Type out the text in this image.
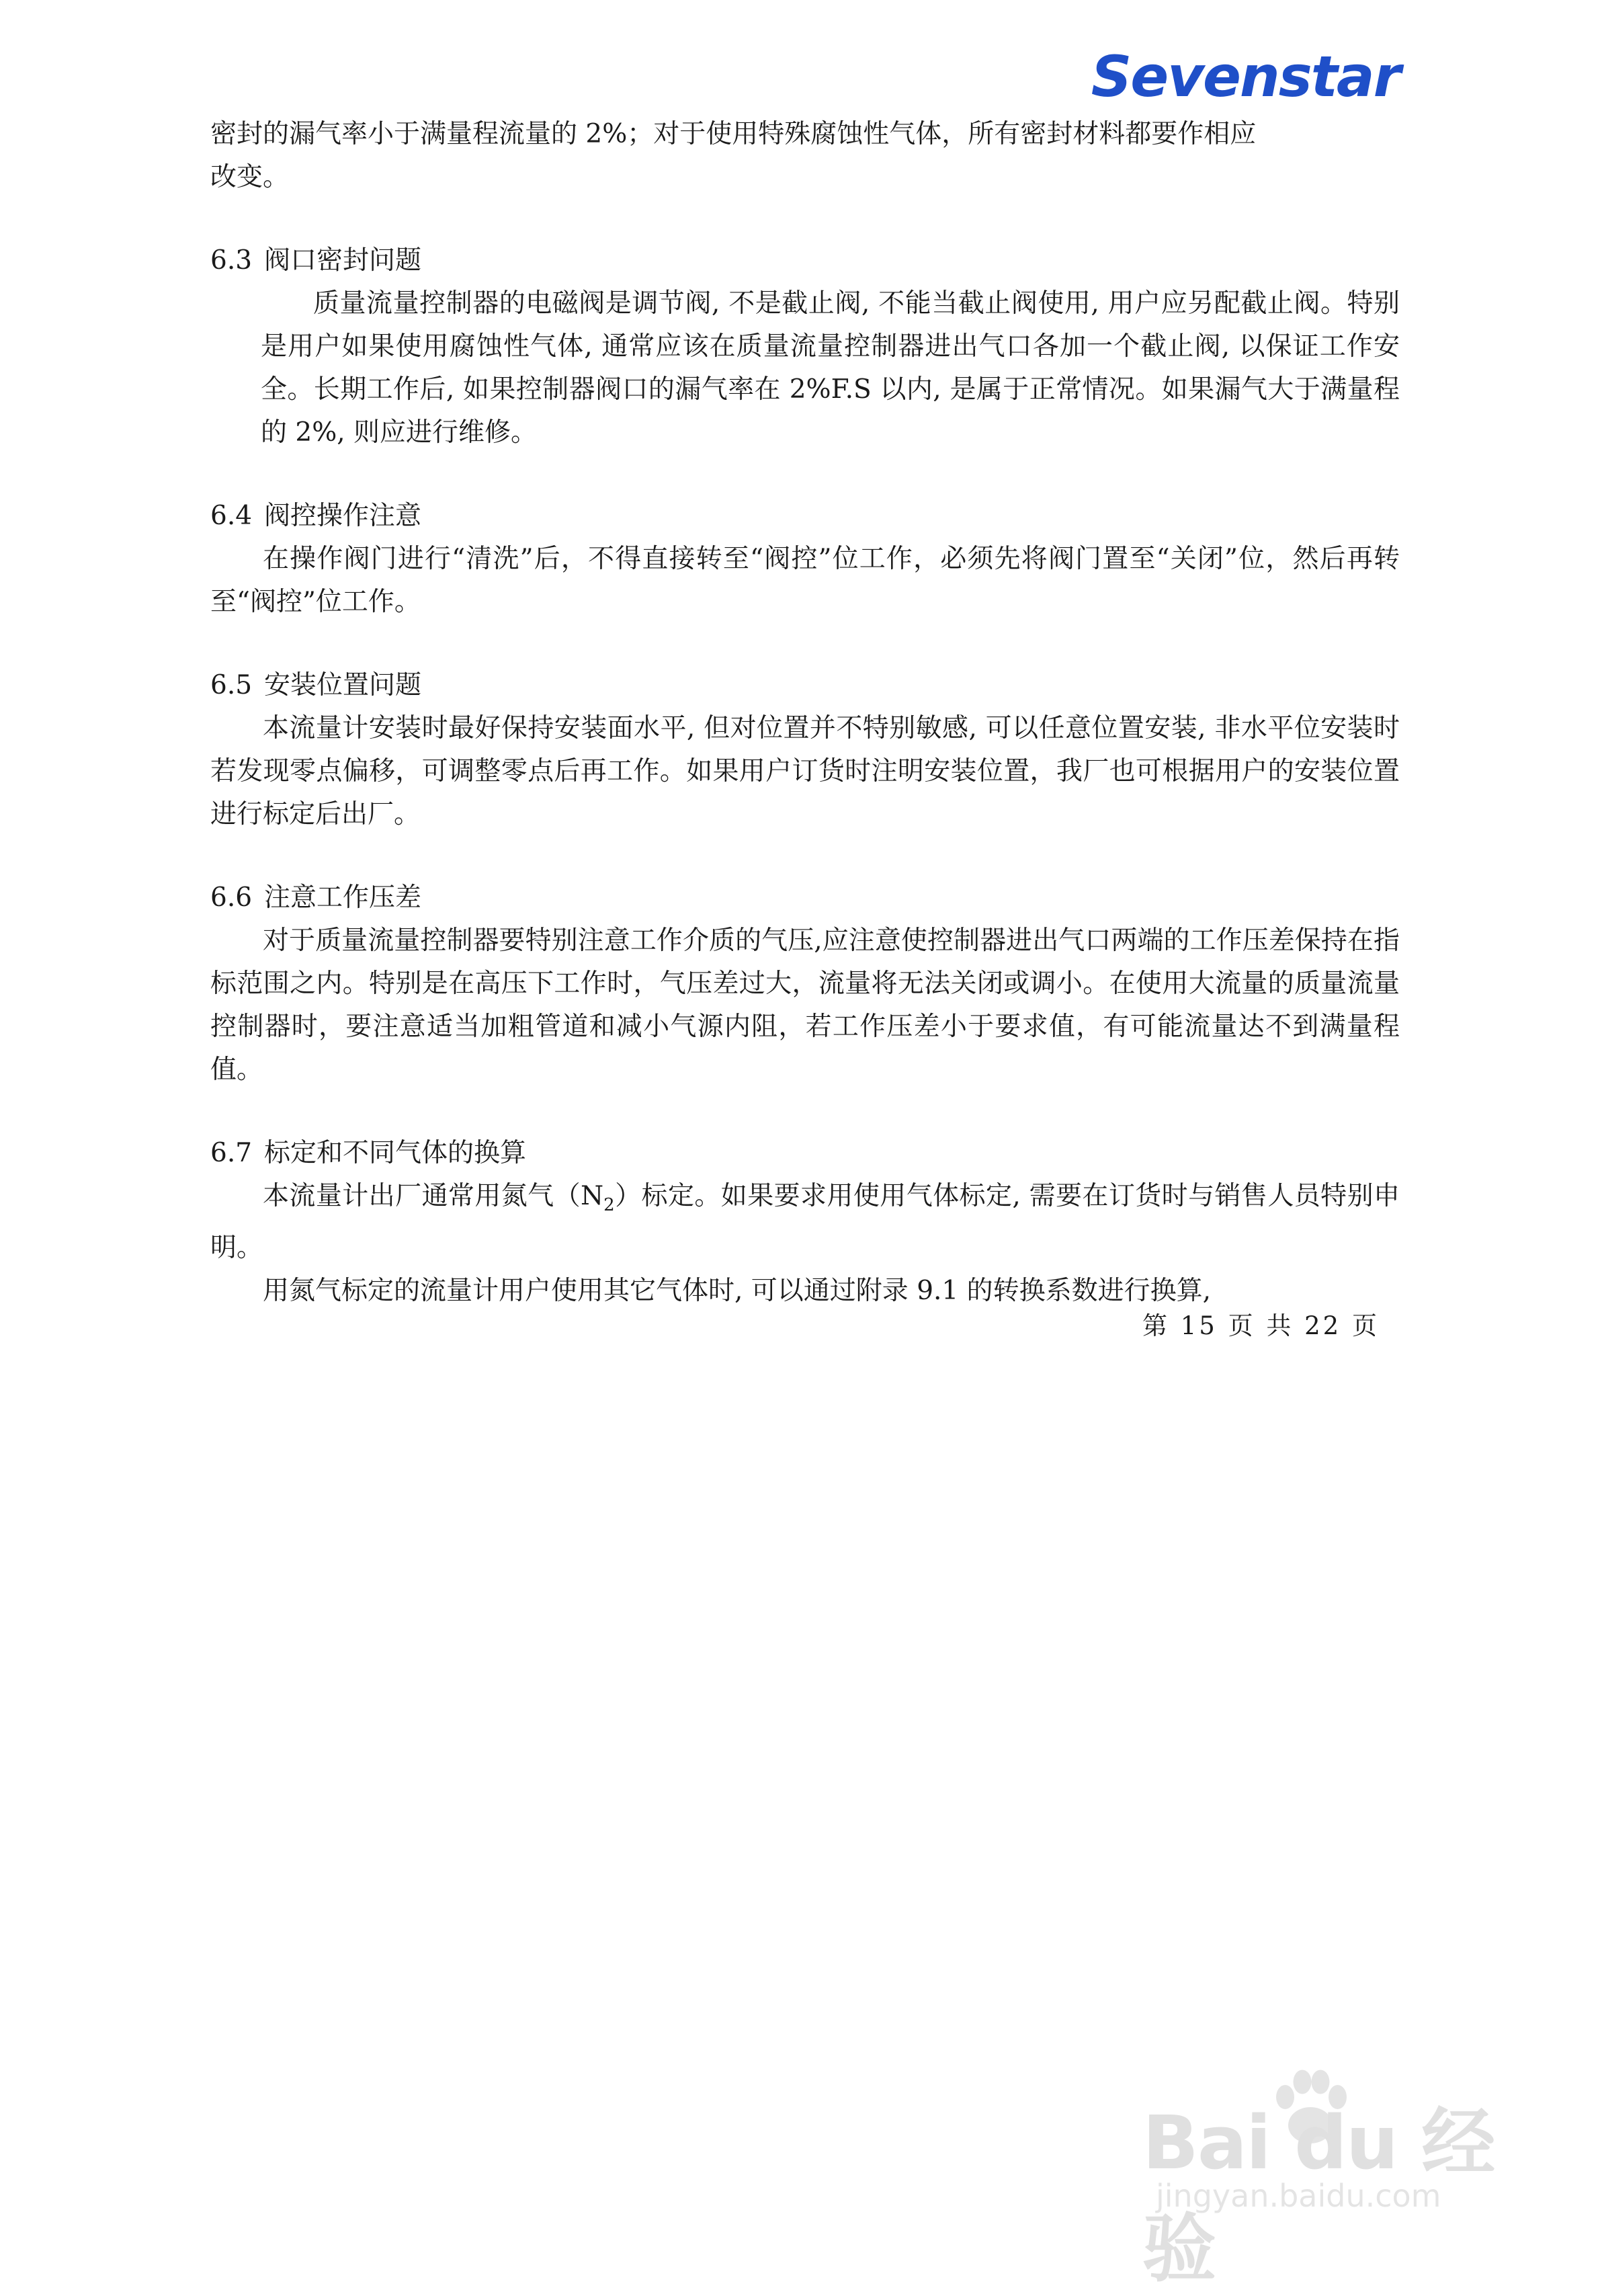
Sevenstar

密封的漏气率小于满量程流量的 2%；对于使用特殊腐蚀性气体，所有密封材料都要作相应

改变。

6.3 阀口密封问题

质量流量控制器的电磁阀是调节阀, 不是截止阀, 不能当截止阀使用, 用户应另配截止阀。特别是用户如果使用腐蚀性气体, 通常应该在质量流量控制器进出气口各加一个截止阀, 以保证工作安全。长期工作后, 如果控制器阀口的漏气率在 2%F.S 以内, 是属于正常情况。如果漏气大于满量程的 2%, 则应进行维修。

6.4 阀控操作注意

在操作阀门进行“清洗”后，不得直接转至“阀控”位工作，必须先将阀门置至“关闭”位，然后再转至“阀控”位工作。

6.5 安装位置问题

本流量计安装时最好保持安装面水平, 但对位置并不特别敏感, 可以任意位置安装, 非水平位安装时若发现零点偏移，可调整零点后再工作。如果用户订货时注明安装位置，我厂也可根据用户的安装位置进行标定后出厂。

6.6 注意工作压差

对于质量流量控制器要特别注意工作介质的气压,应注意使控制器进出气口两端的工作压差保持在指标范围之内。特别是在高压下工作时，气压差过大，流量将无法关闭或调小。在使用大流量的质量流量控制器时，要注意适当加粗管道和减小气源内阻，若工作压差小于要求值，有可能流量达不到满量程值。

6.7 标定和不同气体的换算

本流量计出厂通常用氮气$(N_2)$标定。如果要求用使用气体标定, 需要在订货时与销售人员特别申明。

用氮气标定的流量计用户使用其它气体时, 可以通过附录 9.1 的转换系数进行换算,

第 15 页 共 22 页
Bai du 经验
jingyan.baidu.com
